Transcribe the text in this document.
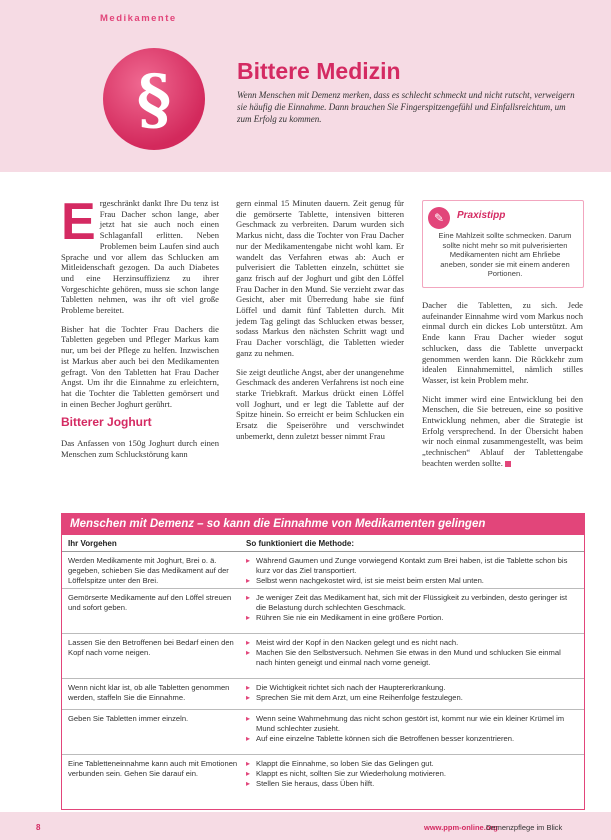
Medikamente
§	Bittere Medizin
Wenn Menschen mit Demenz merken, dass es schlecht schmeckt und nicht rutscht, verweigern sie häufig die Einnahme. Dann brauchen Sie Fingerspitzengefühl und Einfallsreichtum, um zum Erfolg zu kommen.

Ergeschränkt dankt Ihre Du tenz ist Frau Dacher schon lange, aber jetzt hat sie auch noch einen Schlaganfall erlitten. Neben Problemen beim Laufen sind auch Sprache und vor allem das Schlucken am Mitleidenschaft gezogen. Da auch Diabetes und eine Herzinsuffizienz zu ihrer Vorgeschichte gehören, muss sie schon lange Tabletten nehmen, was ihr oft viel große Probleme bereitet.

Bisher hat die Tochter Frau Dachers die Tabletten gegeben und Pfleger Markus kam nur, um bei der Pflege zu helfen. Inzwischen ist Markus aber auch bei den Medikamenten gefragt. Von den Tabletten hat Frau Dacher Angst. Um ihr die Einnahme zu erleichtern, hat die Tochter die Tabletten gemörsert und in einen Becher Joghurt gerührt.

Bitterer Joghurt

Das Anfassen von 150g Joghurt durch einen Menschen zum Schluckstörung kann

gern einmal 15 Minuten dauern. Zeit genug für die gemörserte Tablette, intensiven bitteren Geschmack zu verbreiten. Darum wurden sich Markus nicht, dass die Tochter von Frau Dacher nur der Medikamentengabe nicht wohl kam. Er wandelt das Verfahren etwas ab: Auch er pulverisiert die Tabletten einzeln, schüttet sie ganz frisch auf der Joghurt und gibt den Löffel Frau Dacher in den Mund. Sie verzieht zwar das Gesicht, aber mit Überredung habe sie fünf Löffel und damit fünf Tabletten durch. Mit jedem Tag gelingt das Schlucken etwas besser, sodass Markus den nächsten Schritt wagt und Frau Dacher vorschlägt, die Tabletten wieder ganz zu nehmen.

Sie zeigt deutliche Angst, aber der unangenehme Geschmack des anderen Verfahrens ist noch eine starke Triebkraft. Markus drückt einen Löffel voll Joghurt, und er legt die Tablette auf der Spitze hinein. So erreicht er beim Schlucken ein Ersatz die Speiseröhre und verschwindet unbemerkt, denn zuletzt besser nimmt Frau

✎	Praxistipp
Eine Mahlzeit sollte schmecken. Darum sollte nicht mehr so mit pulverisierten Medikamenten nicht am Ehrliebe aneben, sonder sie mit einem anderen Portionen.

Dacher die Tabletten, zu sich. Jede aufeinander Einnahme wird vom Markus noch einmal durch ein dickes Lob unterstützt. Am Ende kann Frau Dacher wieder sogut schlucken, dass die Tablette unverpackt genommen werden kann. Die Rückkehr zum idealen Einnahmemittel, nämlich stilles Wasser, ist kein Problem mehr.

Nicht immer wird eine Entwicklung bei den Menschen, die Sie betreuen, eine so positive Entwicklung nehmen, aber die Strategie ist Erfolg versprechend. In der Übersicht haben wir noch einmal zusammengestellt, was beim „technischen“ Ablauf der Tablettengabe beachten werden sollte.

Menschen mit Demenz – so kann die Einnahme von Medikamenten gelingen
Ihr Vorgehen	So funktioniert die Methode:
Werden Medikamente mit Joghurt, Brei o. ä. gegeben, schieben Sie das Medikament auf der Löffelspitze unter den Brei.
▸ Während Gaumen und Zunge vorwiegend Kontakt zum Brei haben, ist die Tablette schon bis kurz vor das Ziel transportiert.
▸ Selbst wenn nachgekostet wird, ist sie meist beim ersten Mal unten.
Gemörserte Medikamente auf den Löffel streuen und sofort geben.
▸ Je weniger Zeit das Medikament hat, sich mit der Flüssigkeit zu verbinden, desto geringer ist die Belastung durch schlechten Geschmack.
▸ Rühren Sie nie ein Medikament in eine größere Portion.
Lassen Sie den Betroffenen bei Bedarf einen den Kopf nach vorne neigen.
▸ Meist wird der Kopf in den Nacken gelegt und es nicht nach.
▸ Machen Sie den Selbstversuch. Nehmen Sie etwas in den Mund und schlucken Sie einmal nach hinten geneigt und einmal nach vorne geneigt.
Wenn nicht klar ist, ob alle Tabletten genommen werden, staffeln Sie die Einnahme.
▸ Die Wichtigkeit richtet sich nach der Hauptererkrankung.
▸ Sprechen Sie mit dem Arzt, um eine Reihenfolge festzulegen.
Geben Sie Tabletten immer einzeln.
▸	Wenn seine Wahrnehmung das nicht schon gestört ist, kommt nur wie ein kleiner Krümel im Mund schlechter zusieht.
▸ Auf eine einzelne Tablette können sich die Betroffenen besser konzentrieren.
Eine Tabletteneinnahme kann auch mit Emotionen verbunden sein. Gehen Sie darauf ein.
▸ Klappt die Einnahme, so loben Sie das Gelingen gut.
▸ Klappt es nicht, sollten Sie zur Wiederholung motivieren.
▸ Stellen Sie heraus, dass Üben hilft.
8	www.ppm-online.org
Demenzpflege im Blick
